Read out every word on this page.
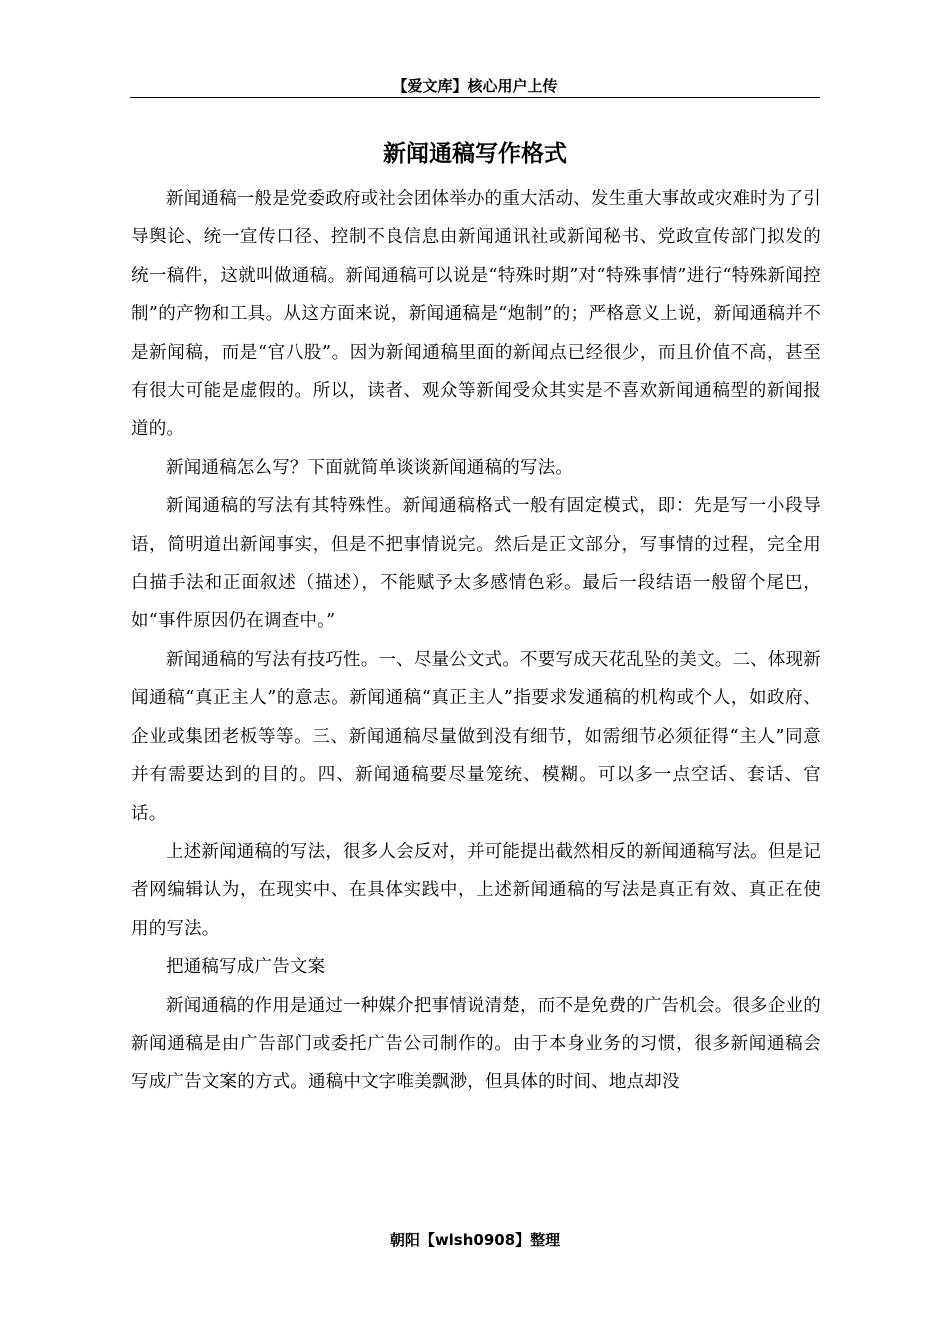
【爱文库】核心用户上传
新闻通稿写作格式

新闻通稿一般是党委政府或社会团体举办的重大活动、发生重大事故或灾难时为了引导舆论、统一宣传口径、控制不良信息由新闻通讯社或新闻秘书、党政宣传部门拟发的统一稿件，这就叫做通稿。新闻通稿可以说是“特殊时期”对“特殊事情”进行“特殊新闻控制”的产物和工具。从这方面来说，新闻通稿是“炮制”的；严格意义上说，新闻通稿并不是新闻稿，而是“官八股”。因为新闻通稿里面的新闻点已经很少，而且价值不高，甚至有很大可能是虚假的。所以，读者、观众等新闻受众其实是不喜欢新闻通稿型的新闻报道的。

新闻通稿怎么写？下面就简单谈谈新闻通稿的写法。

新闻通稿的写法有其特殊性。新闻通稿格式一般有固定模式，即：先是写一小段导语，简明道出新闻事实，但是不把事情说完。然后是正文部分，写事情的过程，完全用白描手法和正面叙述（描述），不能赋予太多感情色彩。最后一段结语一般留个尾巴，如“事件原因仍在调查中。”

新闻通稿的写法有技巧性。一、尽量公文式。不要写成天花乱坠的美文。二、体现新闻通稿“真正主人”的意志。新闻通稿“真正主人”指要求发通稿的机构或个人，如政府、企业或集团老板等等。三、新闻通稿尽量做到没有细节，如需细节必须征得“主人”同意并有需要达到的目的。四、新闻通稿要尽量笼统、模糊。可以多一点空话、套话、官话。

上述新闻通稿的写法，很多人会反对，并可能提出截然相反的新闻通稿写法。但是记者网编辑认为，在现实中、在具体实践中，上述新闻通稿的写法是真正有效、真正在使用的写法。

把通稿写成广告文案

新闻通稿的作用是通过一种媒介把事情说清楚，而不是免费的广告机会。很多企业的新闻通稿是由广告部门或委托广告公司制作的。由于本身业务的习惯，很多新闻通稿会写成广告文案的方式。通稿中文字唯美飘渺，但具体的时间、地点却没

朝阳【wlsh0908】整理
